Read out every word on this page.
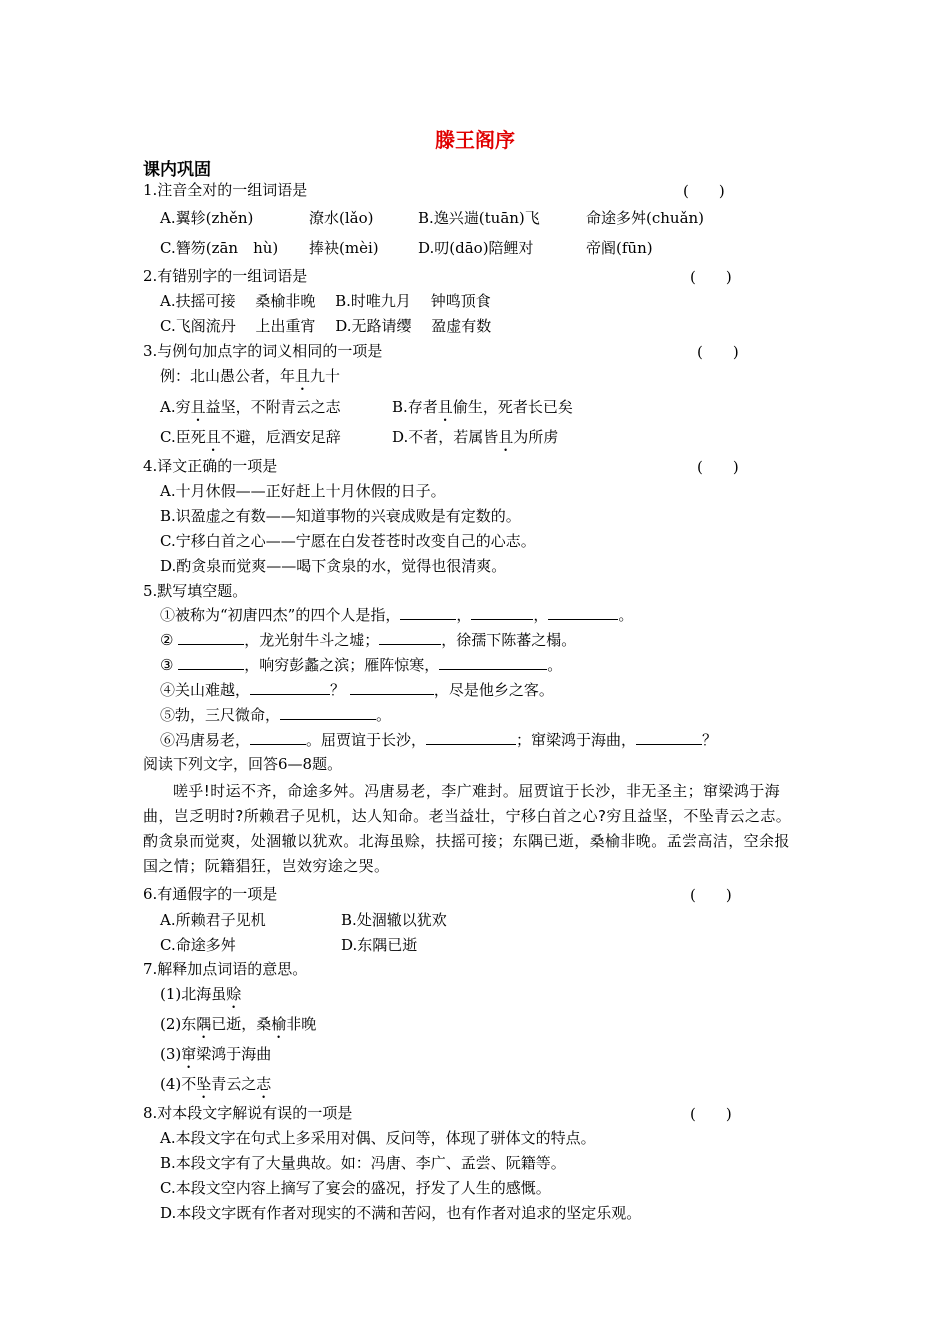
滕王阁序
课内巩固
1.注音全对的一组词语是	(　　)
A.翼轸(zhěn)	潦水(lǎo)	B.逸兴遄(tuān)飞	命途多舛(chuǎn)
C.簪笏(zān　hù) 捧袂(mèi)	D.叨(dāo)陪鲤对	帝阍(fūn)
2.有错别字的一组词语是	(　　)
A.扶摇可接　 桑榆非晚　 B.时唯九月　 钟鸣顶食
C.飞阁流丹　 上出重宵　 D.无路请缨　 盈虚有数
3.与例句加点字的词义相同的一项是	(　　)
例：北山愚公者，年且九十
A.穷且益坚，不附青云之志	B.存者且偷生，死者长已矣
C.臣死且不避，卮酒安足辞	D.不者，若属皆且为所虏
4.译文正确的一项是	(　　)
A.十月休假——正好赶上十月休假的日子。
B.识盈虚之有数——知道事物的兴衰成败是有定数的。
C.宁移白首之心——宁愿在白发苍苍时改变自己的心志。
D.酌贪泉而觉爽——喝下贪泉的水，觉得也很清爽。
5.默写填空题。
①被称为“初唐四杰”的四个人是指，	，	，	。
②	，龙光射牛斗之墟；	，徐孺下陈蕃之榻。
③	，响穷彭蠡之滨；雁阵惊寒，	。
④关山难越，	？	，尽是他乡之客。
⑤勃，三尺微命，	。
⑥冯唐易老，	。屈贾谊于长沙，	；窜梁鸿于海曲，	？
阅读下列文字，回答6—8题。
嗟乎!时运不齐，命途多舛。冯唐易老，李广难封。屈贾谊于长沙，非无圣主；窜梁鸿于海曲，岂乏明时?所赖君子见机，达人知命。老当益壮，宁移白首之心?穷且益坚，不坠青云之志。酌贪泉而觉爽，处涸辙以犹欢。北海虽赊，扶摇可接；东隅已逝，桑榆非晚。孟尝高洁，空余报国之情；阮籍猖狂，岂效穷途之哭。
6.有通假字的一项是	(　　)
A.所赖君子见机	B.处涸辙以犹欢
C.命途多舛	D.东隅已逝
7.解释加点词语的意思。
(1)北海虽赊
(2)东隅已逝，桑榆非晚
(3)窜梁鸿于海曲
(4)不坠青云之志
8.对本段文字解说有误的一项是	(　　)
A.本段文字在句式上多采用对偶、反问等，体现了骈体文的特点。
B.本段文字有了大量典故。如：冯唐、李广、孟尝、阮籍等。
C.本段文空内容上摘写了宴会的盛况，抒发了人生的感慨。
D.本段文字既有作者对现实的不满和苦闷，也有作者对追求的坚定乐观。
